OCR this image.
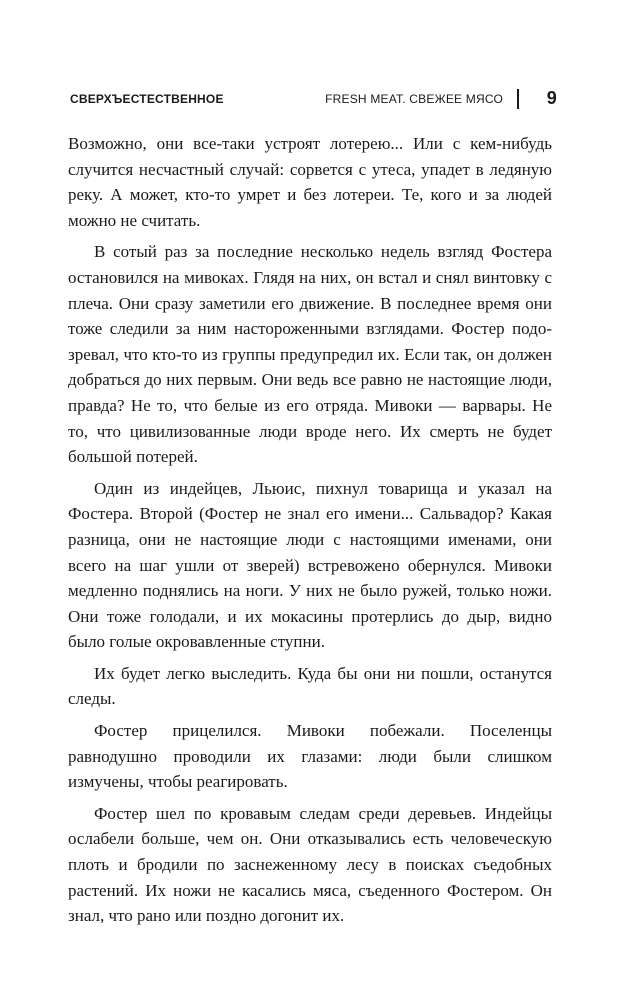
СВЕРХЪЕСТЕСТВЕННОЕ	FRESH MEAT. СВЕЖЕЕ МЯСО 9

Возможно, они все-таки устроят лотерею... Или с кем-нибудь случится несчастный случай: сорвется с утеса, упадет в ледяную реку. А может, кто-то умрет и без лотереи. Те, кого и за людей можно не считать.

В сотый раз за последние несколько недель взгляд Фостера остановился на мивоках. Глядя на них, он встал и снял винтовку с плеча. Они сразу заметили его движение. В последнее время они тоже следили за ним настороженными взглядами. Фостер подозревал, что кто-то из группы предупредил их. Если так, он должен добраться до них первым. Они ведь все равно не настоящие люди, правда? Не то, что белые из его отряда. Мивоки — варвары. Не то, что цивилизованные люди вроде него. Их смерть не будет большой потерей.

Один из индейцев, Льюис, пихнул товарища и указал на Фостера. Второй (Фостер не знал его имени... Сальвадор? Какая разница, они не настоящие люди с настоящими именами, они всего на шаг ушли от зверей) встревожено обернулся. Мивоки медленно поднялись на ноги. У них не было ружей, только ножи. Они тоже голодали, и их мокасины протерлись до дыр, видно было голые окровавленные ступни.

Их будет легко выследить. Куда бы они ни пошли, останутся следы.

Фостер прицелился. Мивоки побежали. Поселенцы равнодушно проводили их глазами: люди были слишком измучены, чтобы реагировать.

Фостер шел по кровавым следам среди деревьев. Индейцы ослабели больше, чем он. Они отказывались есть человеческую плоть и бродили по заснеженному лесу в поисках съедобных растений. Их ножи не касались мяса, съеденного Фостером. Он знал, что рано или поздно догонит их.
